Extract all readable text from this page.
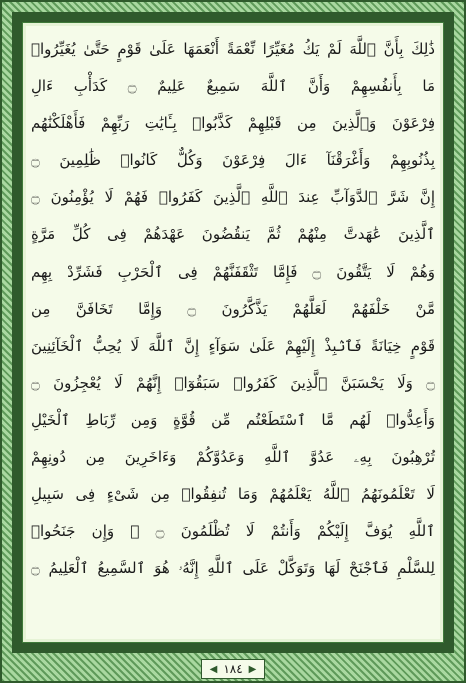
ذَٰلِكَ بِأَنَّ ٱللَّهَ لَمْ يَكُ مُغَيِّرًا نِّعْمَةً أَنْعَمَهَا عَلَىٰ قَوْمٍ حَتَّىٰ يُغَيِّرُوا۟
مَا بِأَنفُسِهِمْ وَأَنَّ ٱللَّهَ سَمِيعٌ عَلِيمٌ ۝ كَدَأْبِ ءَالِ
فِرْعَوْنَ وَٱلَّذِينَ مِن قَبْلِهِمْ كَذَّبُوا۟ بِـَٔايَٰتِ رَبِّهِمْ فَأَهْلَكْنَٰهُم
بِذُنُوبِهِمْ وَأَغْرَقْنَآ ءَالَ فِرْعَوْنَ وَكُلٌّ كَانُوا۟ ظَٰلِمِينَ ۝
إِنَّ شَرَّ ٱلدَّوَآبِّ عِندَ ٱللَّهِ ٱلَّذِينَ كَفَرُوا۟ فَهُمْ لَا يُؤْمِنُونَ ۝
ٱلَّذِينَ عَٰهَدتَّ مِنْهُمْ ثُمَّ يَنقُضُونَ عَهْدَهُمْ فِى كُلِّ مَرَّةٍ
وَهُمْ لَا يَتَّقُونَ ۝ فَإِمَّا تَثْقَفَنَّهُمْ فِى ٱلْحَرْبِ فَشَرِّدْ بِهِم
مَّنْ خَلْفَهُمْ لَعَلَّهُمْ يَذَّكَّرُونَ ۝ وَإِمَّا تَخَافَنَّ مِن
قَوْمٍ خِيَانَةً فَٱنۢبِذْ إِلَيْهِمْ عَلَىٰ سَوَآءٍ إِنَّ ٱللَّهَ لَا يُحِبُّ ٱلْخَآئِنِينَ
۝ وَلَا يَحْسَبَنَّ ٱلَّذِينَ كَفَرُوا۟ سَبَقُوٓا۟ إِنَّهُمْ لَا يُعْجِزُونَ ۝
وَأَعِدُّوا۟ لَهُم مَّا ٱسْتَطَعْتُم مِّن قُوَّةٍ وَمِن رِّبَاطِ ٱلْخَيْلِ
تُرْهِبُونَ بِهِۦ عَدُوَّ ٱللَّهِ وَعَدُوَّكُمْ وَءَاخَرِينَ مِن دُونِهِمْ
لَا تَعْلَمُونَهُمُ ٱللَّهُ يَعْلَمُهُمْ وَمَا تُنفِقُوا۟ مِن شَىْءٍ فِى سَبِيلِ
ٱللَّهِ يُوَفَّ إِلَيْكُمْ وَأَنتُمْ لَا تُظْلَمُونَ ۝ ۞ وَإِن جَنَحُوا۟
لِلسَّلْمِ فَٱجْنَحْ لَهَا وَتَوَكَّلْ عَلَى ٱللَّهِ إِنَّهُۥ هُوَ ٱلسَّمِيعُ ٱلْعَلِيمُ ۝
◀ ١٨٤ ▶
